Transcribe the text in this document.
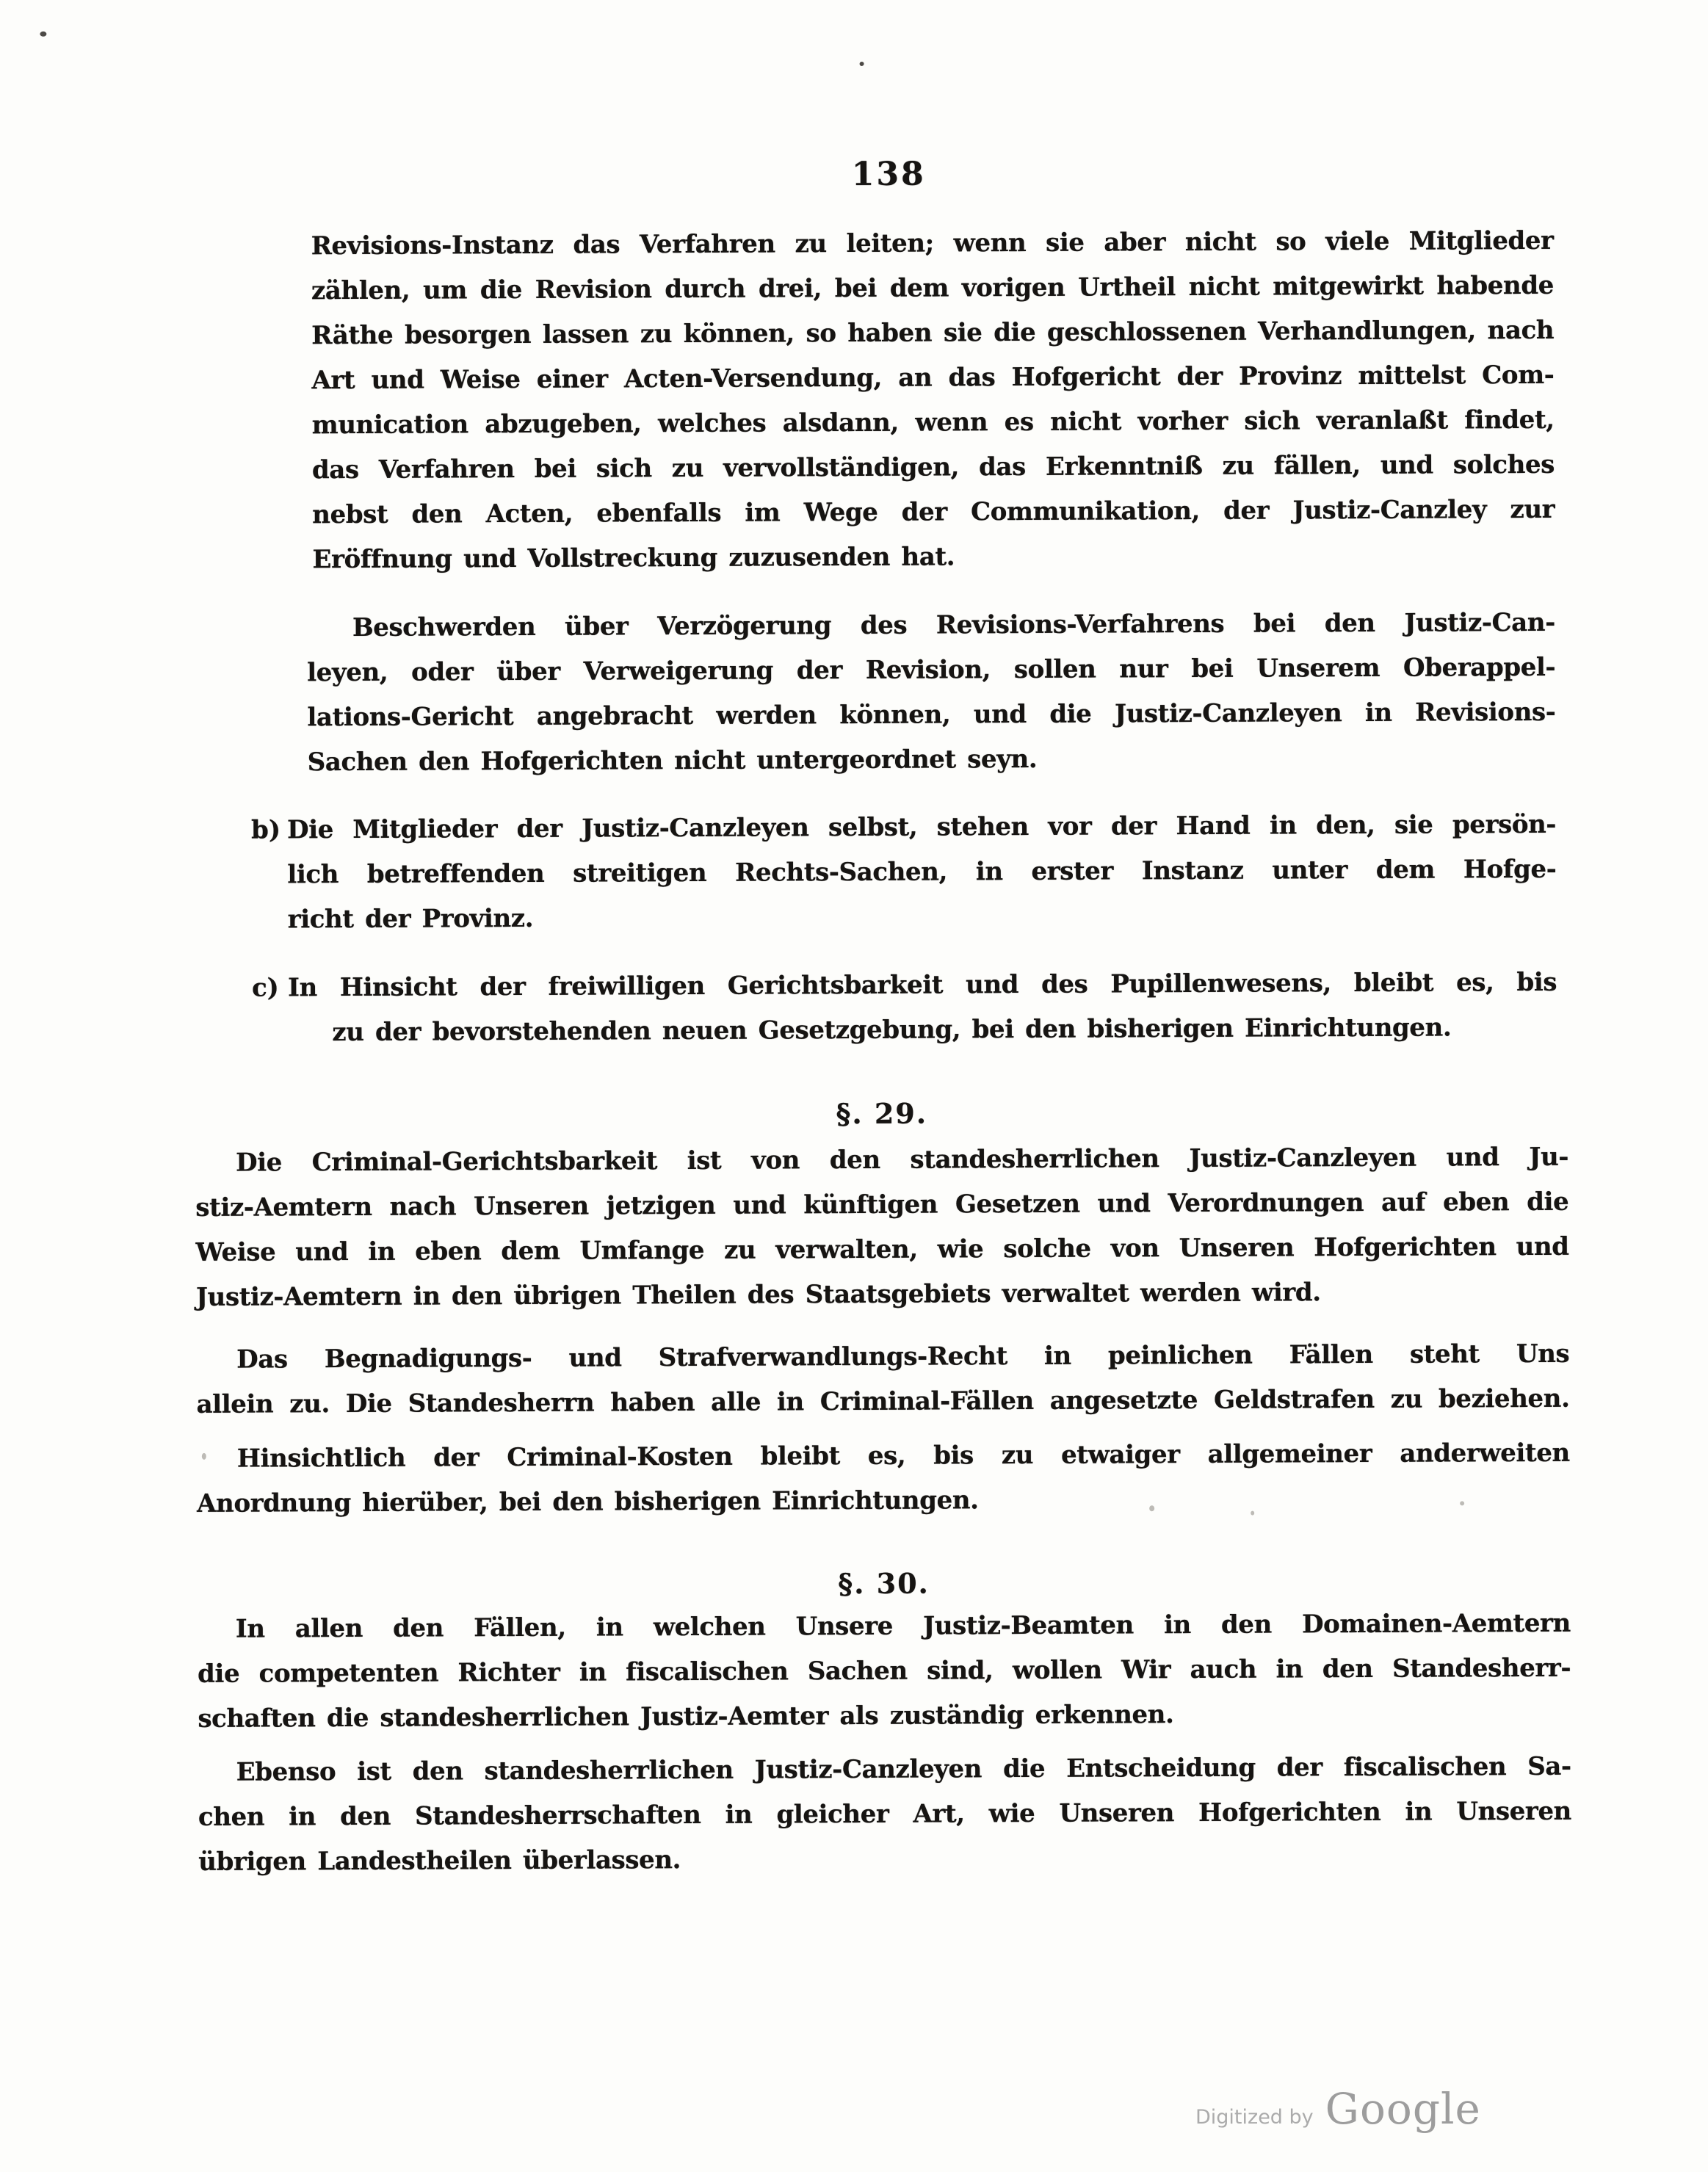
138
Revisions-Instanz das Verfahren zu leiten; wenn sie aber nicht so viele Mitglieder
zählen, um die Revision durch drei, bei dem vorigen Urtheil nicht mitgewirkt habende
Räthe besorgen lassen zu können, so haben sie die geschlossenen Verhandlungen, nach
Art und Weise einer Acten-Versendung, an das Hofgericht der Provinz mittelst Com-
munication abzugeben, welches alsdann, wenn es nicht vorher sich veranlaßt findet,
das Verfahren bei sich zu vervollständigen, das Erkenntniß zu fällen, und solches
nebst den Acten, ebenfalls im Wege der Communikation, der Justiz-Canzley zur
Eröffnung und Vollstreckung zuzusenden hat.
Beschwerden über Verzögerung des Revisions-Verfahrens bei den Justiz-Can-
leyen, oder über Verweigerung der Revision, sollen nur bei Unserem Oberappel-
lations-Gericht angebracht werden können, und die Justiz-Canzleyen in Revisions-
Sachen den Hofgerichten nicht untergeordnet seyn.
b) Die Mitglieder der Justiz-Canzleyen selbst, stehen vor der Hand in den, sie persön-
lich betreffenden streitigen Rechts-Sachen, in erster Instanz unter dem Hofge-
richt der Provinz.
c) In Hinsicht der freiwilligen Gerichtsbarkeit und des Pupillenwesens, bleibt es, bis
zu der bevorstehenden neuen Gesetzgebung, bei den bisherigen Einrichtungen.
§. 29.
Die Criminal-Gerichtsbarkeit ist von den standesherrlichen Justiz-Canzleyen und Ju-
stiz-Aemtern nach Unseren jetzigen und künftigen Gesetzen und Verordnungen auf eben die
Weise und in eben dem Umfange zu verwalten, wie solche von Unseren Hofgerichten und
Justiz-Aemtern in den übrigen Theilen des Staatsgebiets verwaltet werden wird.
Das Begnadigungs- und Strafverwandlungs-Recht in peinlichen Fällen steht Uns
allein zu. Die Standesherrn haben alle in Criminal-Fällen angesetzte Geldstrafen zu beziehen.
Hinsichtlich der Criminal-Kosten bleibt es, bis zu etwaiger allgemeiner anderweiten
Anordnung hierüber, bei den bisherigen Einrichtungen.
§. 30.
In allen den Fällen, in welchen Unsere Justiz-Beamten in den Domainen-Aemtern
die competenten Richter in fiscalischen Sachen sind, wollen Wir auch in den Standesherr-
schaften die standesherrlichen Justiz-Aemter als zuständig erkennen.
Ebenso ist den standesherrlichen Justiz-Canzleyen die Entscheidung der fiscalischen Sa-
chen in den Standesherrschaften in gleicher Art, wie Unseren Hofgerichten in Unseren
übrigen Landestheilen überlassen.
Digitized by Google
